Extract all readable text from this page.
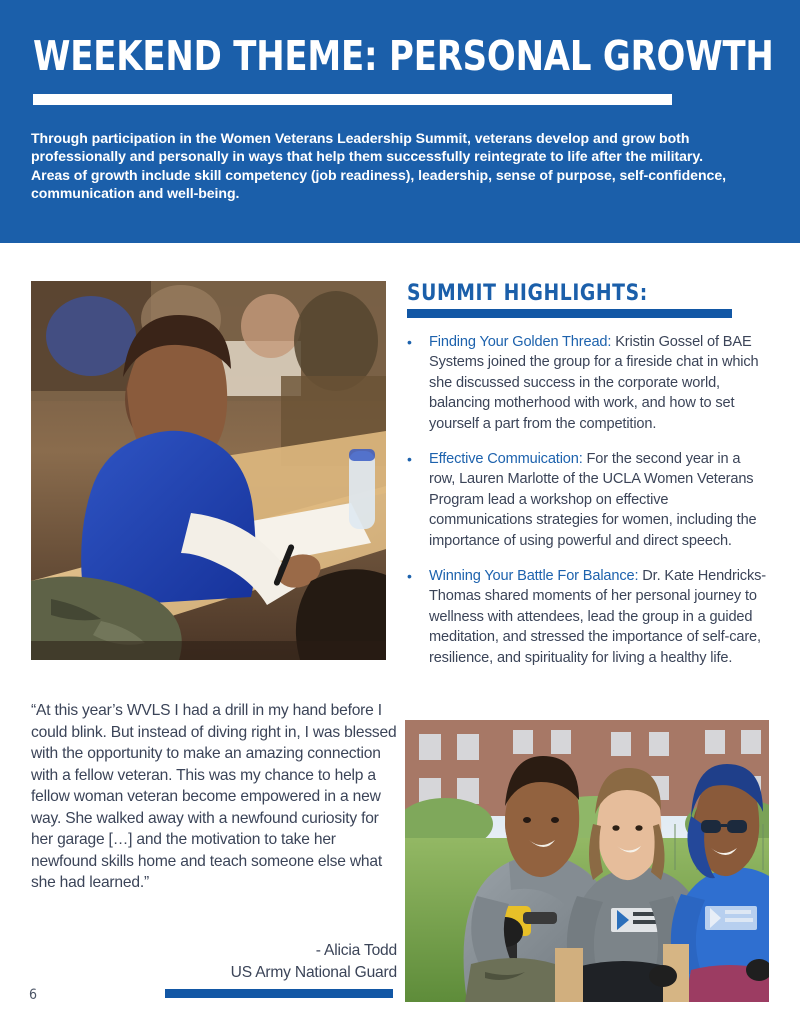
WEEKEND THEME: PERSONAL GROWTH
Through participation in the Women Veterans Leadership Summit, veterans develop and grow both professionally and personally in ways that help them successfully reintegrate to life after the military. Areas of growth include skill competency (job readiness), leadership, sense of purpose, self-confidence, communication and well-being.
SUMMIT HIGHLIGHTS:
•	Finding Your Golden Thread: Kristin Gossel of BAE Systems joined the group for a fireside chat in which she discussed success in the corporate world, balancing motherhood with work, and how to set yourself a part from the competition.
•	Effective Commuication: For the second year in a row, Lauren Marlotte of the UCLA Women Veterans Program lead a workshop on effective communications strategies for women, including the importance of using powerful and direct speech.
•	Winning Your Battle For Balance: Dr. Kate Hendricks-Thomas shared moments of her personal journey to wellness with attendees, lead the group in a guided meditation, and stressed the importance of self-care, resilience, and spirituality for living a healthy life.
“At this year’s WVLS I had a drill in my hand before I could blink. But instead of diving right in, I was blessed with the opportunity to make an amazing connection with a fellow veteran. This was my chance to help a fellow woman veteran become empowered in a new way. She walked away with a newfound curiosity for her garage […] and the motivation to take her newfound skills home and teach someone else what she had learned.”
- Alicia Todd
US Army National Guard
6
